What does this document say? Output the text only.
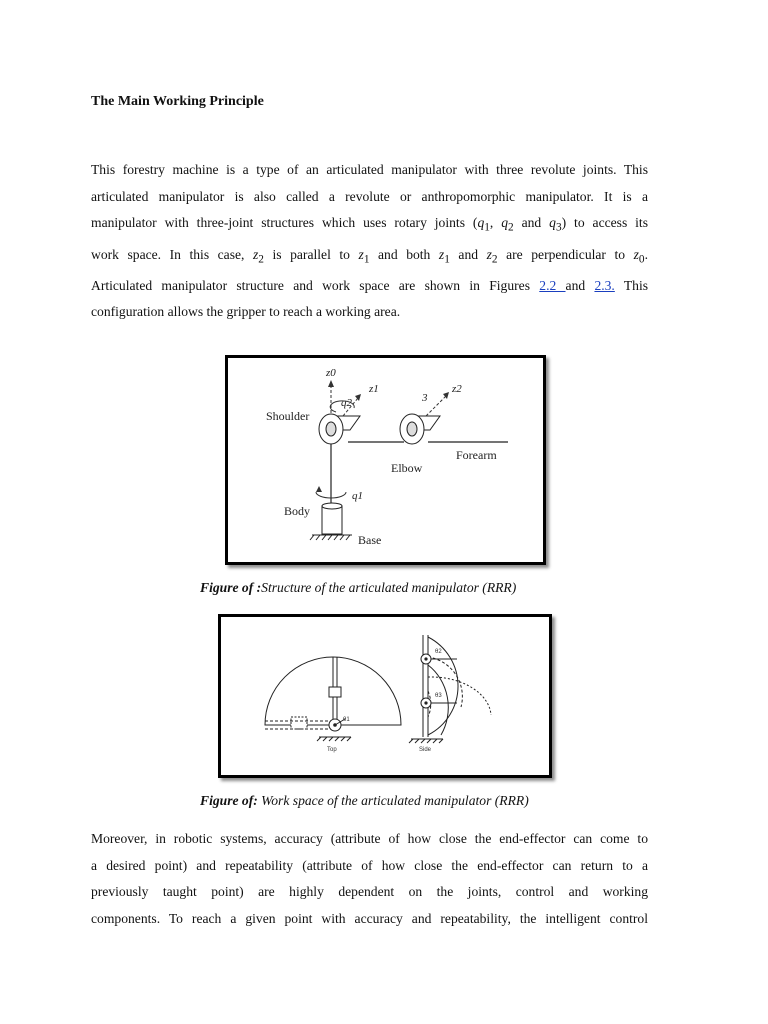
The Main Working Principle
This forestry machine is a type of an articulated manipulator with three revolute joints. This
articulated manipulator is also called a revolute or anthropomorphic manipulator. It is a
manipulator with three-joint structures which uses rotary joints ($q_1$, $q_2$ and $q_3$) to access its
work space. In this case, $z_2$ is parallel to $z_1$ and both $z_1$ and $z_2$ are perpendicular to $z_0$.
Articulated manipulator structure and work space are shown in Figures 2.2 and 2.3. This
configuration allows the gripper to reach a working area.
z0
z1
q2
Shoulder
z2
3
Elbow
Forearm
q1
Body
Base
Figure of :Structure of the articulated manipulator (RRR)
Top
θ1
Side
θ2
θ3
Figure of: Work space of the articulated manipulator (RRR)
Moreover, in robotic systems, accuracy (attribute of how close the end-effector can come to
a desired point) and repeatability (attribute of how close the end-effector can return to a
previously taught point) are highly dependent on the joints, control and working
components. To reach a given point with accuracy and repeatability, the intelligent control
